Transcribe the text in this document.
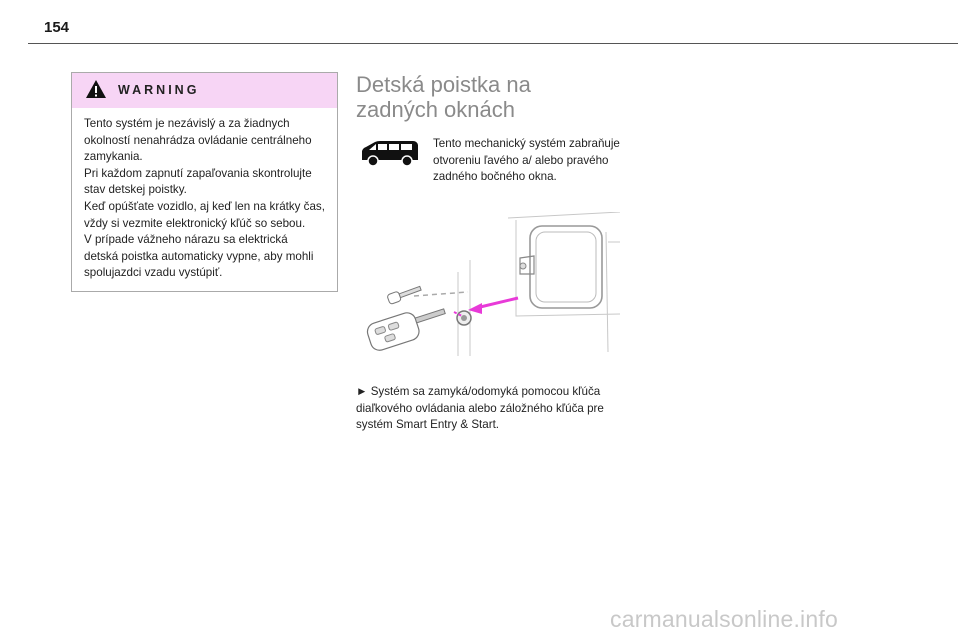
154
WARNING

Tento systém je nezávislý a za žiadnych okolností nenahrádza ovládanie centrálneho zamykania.

Pri každom zapnutí zapaľovania skontrolujte stav detskej poistky.

Keď opúšťate vozidlo, aj keď len na krátky čas, vždy si vezmite elektronický kľúč so sebou.

V prípade vážneho nárazu sa elektrická detská poistka automaticky vypne, aby mohli spolujazdci vzadu vystúpiť.

Detská poistka na zadných oknách

Tento mechanický systém zabraňuje otvoreniu ľavého a/ alebo pravého zadného bočného okna.

► Systém sa zamyká/odomyká pomocou kľúča diaľkového ovládania alebo záložného kľúča pre systém Smart Entry & Start.

carmanualsonline.info
